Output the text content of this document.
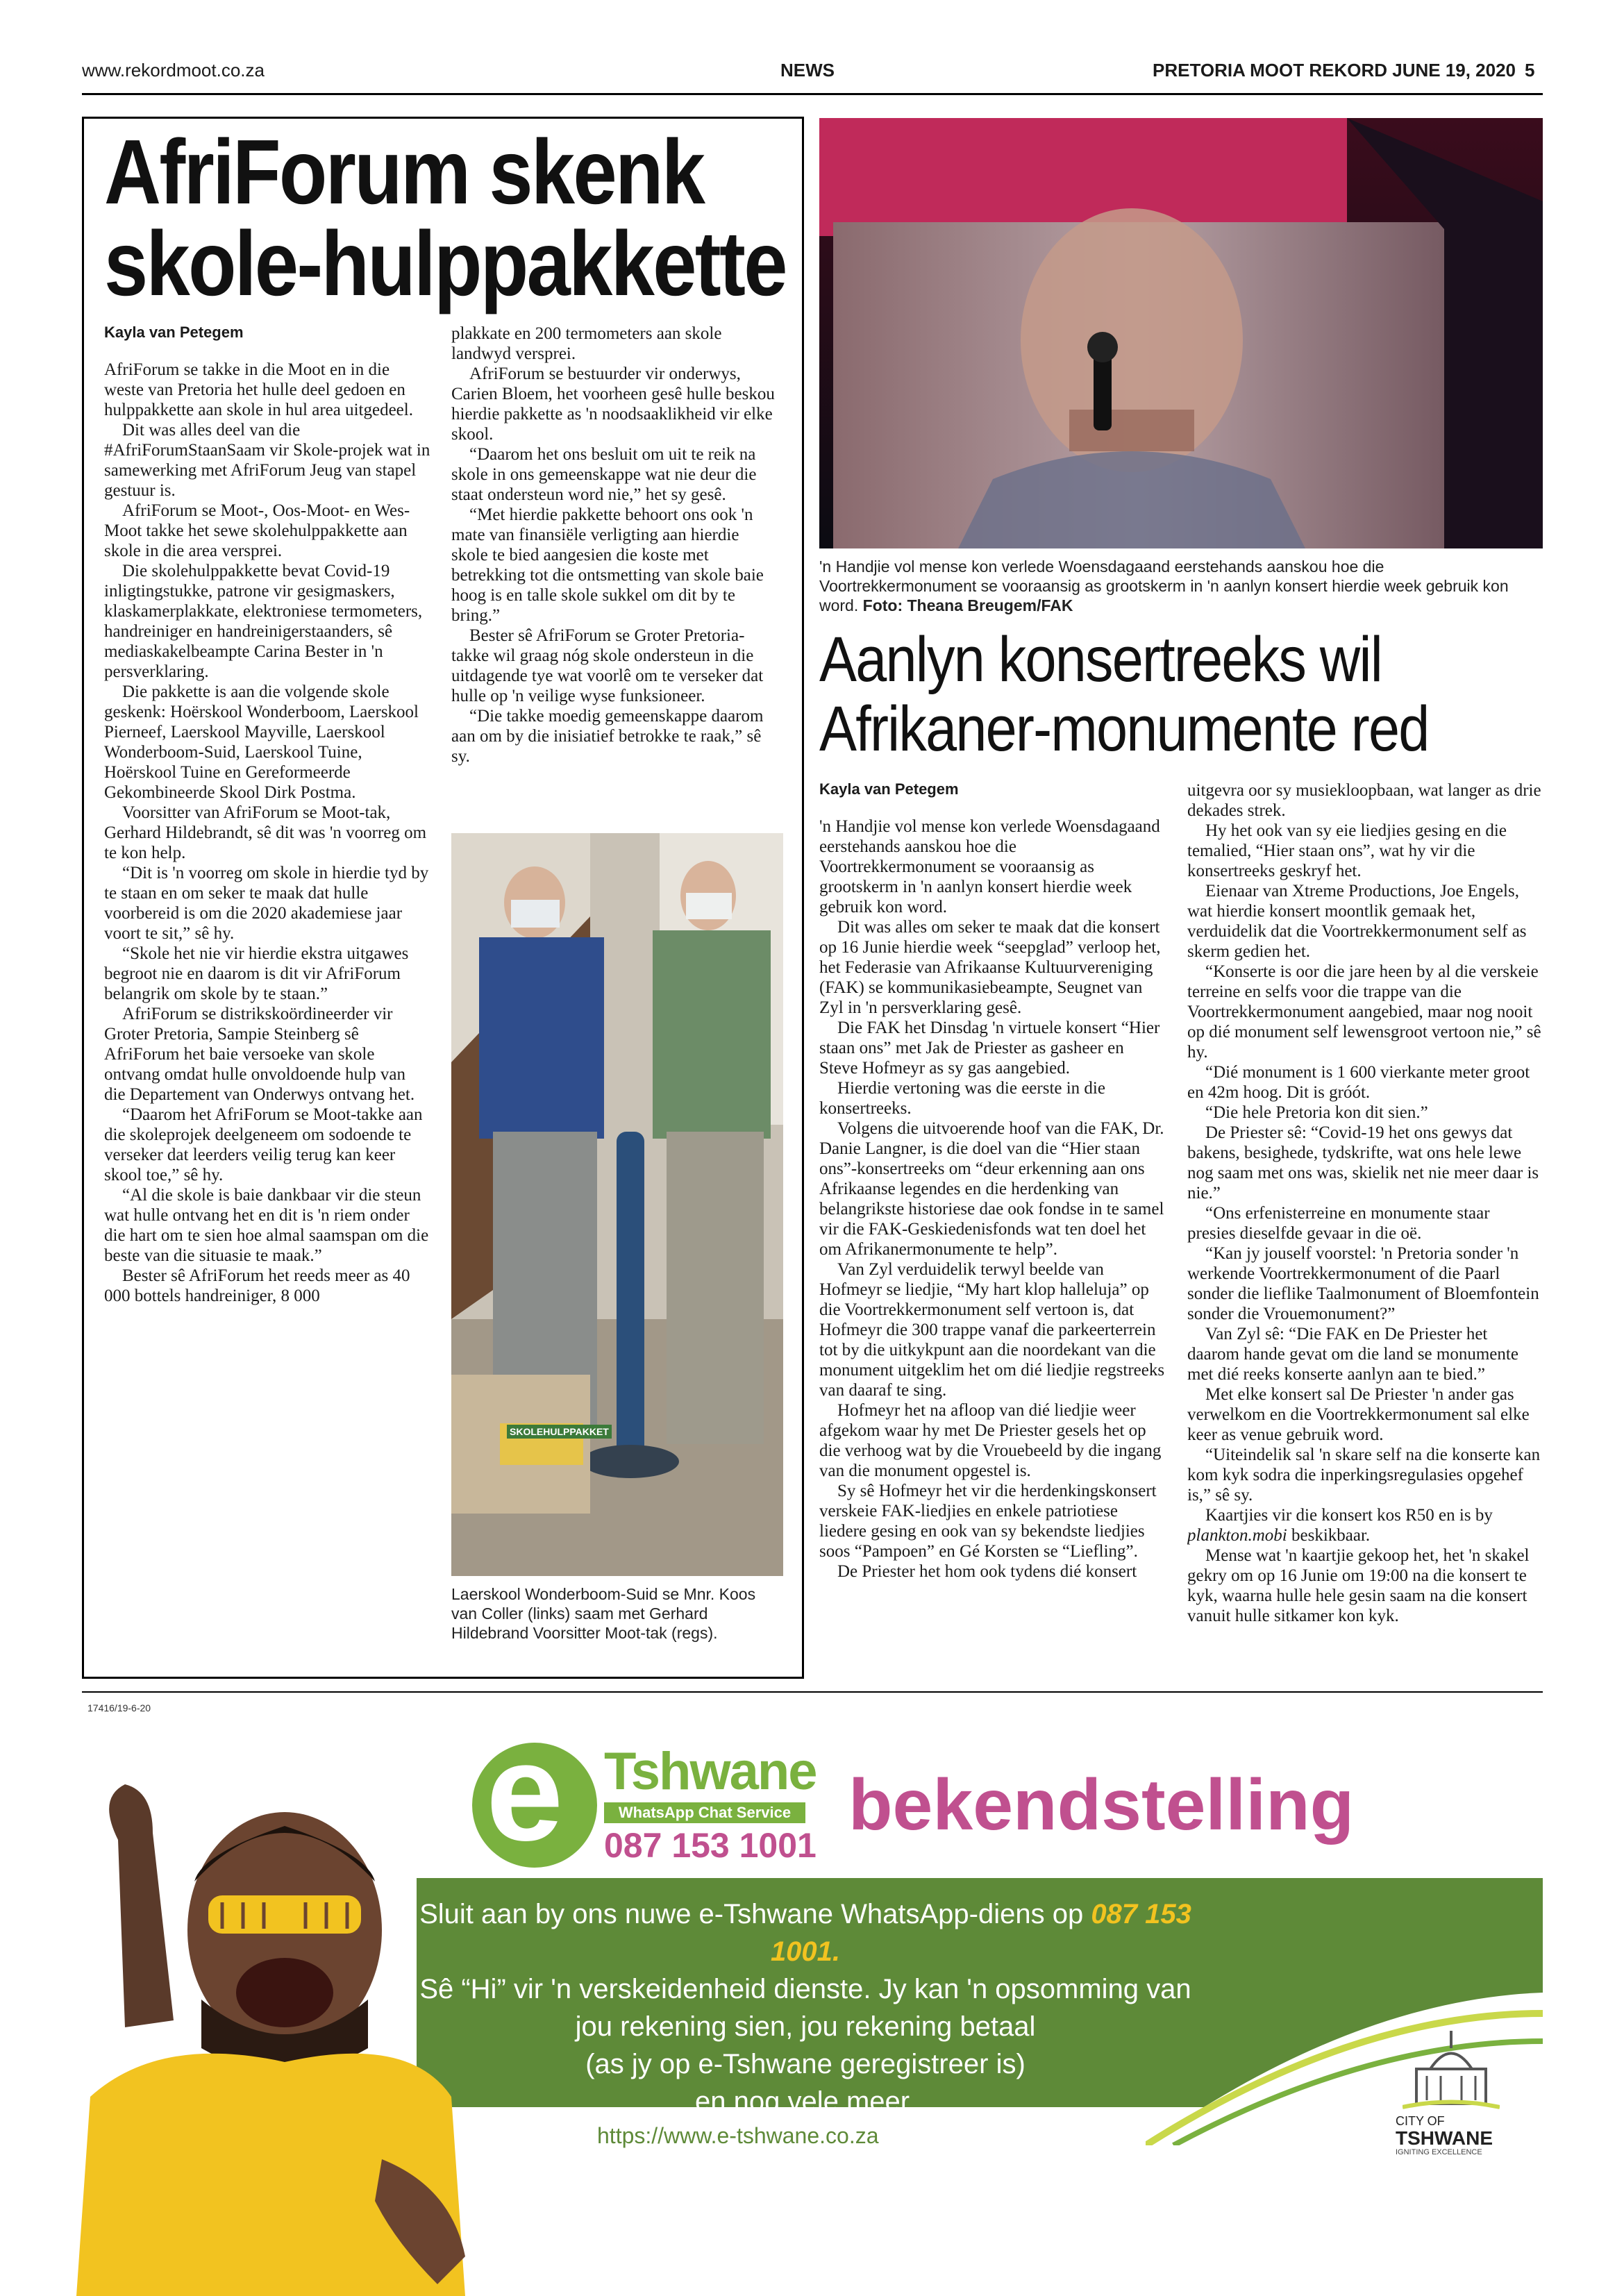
www.rekordmoot.co.za	NEWS	PRETORIA MOOT REKORD JUNE 19, 2020 5
AfriForum skenk
skole-hulppakkette
Kayla van Petegem

AfriForum se takke in die Moot en in die weste van Pretoria het hulle deel gedoen en hulppakkette aan skole in hul area uitgedeel.

Dit was alles deel van die #AfriForumStaanSaam vir Skole-projek wat in samewerking met AfriForum Jeug van stapel gestuur is.

AfriForum se Moot-, Oos-Moot- en Wes-Moot takke het sewe skolehulppakkette aan skole in die area versprei.

Die skolehulppakkette bevat Covid-19 inligtingstukke, patrone vir gesigmaskers, klaskamerplakkate, elektroniese termometers, handreiniger en handreinigerstaanders, sê mediaskakelbeampte Carina Bester in 'n persverklaring.

Die pakkette is aan die volgende skole geskenk: Hoërskool Wonderboom, Laerskool Pierneef, Laerskool Mayville, Laerskool Wonderboom-Suid, Laerskool Tuine, Hoërskool Tuine en Gereformeerde Gekombineerde Skool Dirk Postma.

Voorsitter van AfriForum se Moot-tak, Gerhard Hildebrandt, sê dit was 'n voorreg om te kon help.

“Dit is 'n voorreg om skole in hierdie tyd by te staan en om seker te maak dat hulle voorbereid is om die 2020 akademiese jaar voort te sit,” sê hy.

“Skole het nie vir hierdie ekstra uitgawes begroot nie en daarom is dit vir AfriForum belangrik om skole by te staan.”

AfriForum se distrikskoördineerder vir Groter Pretoria, Sampie Steinberg sê AfriForum het baie versoeke van skole ontvang omdat hulle onvoldoende hulp van die Departement van Onderwys ontvang het.

“Daarom het AfriForum se Moot-takke aan die skoleprojek deelgeneem om sodoende te verseker dat leerders veilig terug kan keer skool toe,” sê hy.

“Al die skole is baie dankbaar vir die steun wat hulle ontvang het en dit is 'n riem onder die hart om te sien hoe almal saamspan om die beste van die situasie te maak.”

Bester sê AfriForum het reeds meer as 40 000 bottels handreiniger, 8 000

plakkate en 200 termometers aan skole landwyd versprei.

AfriForum se bestuurder vir onderwys, Carien Bloem, het voorheen gesê hulle beskou hierdie pakkette as 'n noodsaaklikheid vir elke skool.

“Daarom het ons besluit om uit te reik na skole in ons gemeenskappe wat nie deur die staat ondersteun word nie,” het sy gesê.

“Met hierdie pakkette behoort ons ook 'n mate van finansiële verligting aan hierdie skole te bied aangesien die koste met betrekking tot die ontsmetting van skole baie hoog is en talle skole sukkel om dit by te bring.”

Bester sê AfriForum se Groter Pretoria-takke wil graag nóg skole ondersteun in die uitdagende tye wat voorlê om te verseker dat hulle op 'n veilige wyse funksioneer.

“Die takke moedig gemeenskappe daarom aan om by die inisiatief betrokke te raak,” sê sy.

SKOLEHULPPAKKET
Laerskool Wonderboom-Suid se Mnr. Koos van Coller (links) saam met Gerhard Hildebrand Voorsitter Moot-tak (regs).
'n Handjie vol mense kon verlede Woensdagaand eerstehands aanskou hoe die Voortrekkermonument se vooraansig as grootskerm in 'n aanlyn konsert hierdie week gebruik kon word. Foto: Theana Breugem/FAK
Aanlyn konsertreeks wil
Afrikaner-monumente red
Kayla van Petegem

'n Handjie vol mense kon verlede Woensdagaand eerstehands aanskou hoe die Voortrekkermonument se vooraansig as grootskerm in 'n aanlyn konsert hierdie week gebruik kon word.

Dit was alles om seker te maak dat die konsert op 16 Junie hierdie week “seepglad” verloop het, het Federasie van Afrikaanse Kultuurvereniging (FAK) se kommunikasiebeampte, Seugnet van Zyl in 'n persverklaring gesê.

Die FAK het Dinsdag 'n virtuele konsert “Hier staan ons” met Jak de Priester as gasheer en Steve Hofmeyr as sy gas aangebied.

Hierdie vertoning was die eerste in die konsertreeks.

Volgens die uitvoerende hoof van die FAK, Dr. Danie Langner, is die doel van die “Hier staan ons”-konsertreeks om “deur erkenning aan ons Afrikaanse legendes en die herdenking van belangrikste historiese dae ook fondse in te samel vir die FAK-Geskiedenisfonds wat ten doel het om Afrikanermonumente te help”.

Van Zyl verduidelik terwyl beelde van Hofmeyr se liedjie, “My hart klop halleluja” op die Voortrekkermonument self vertoon is, dat Hofmeyr die 300 trappe vanaf die parkeerterrein tot by die uitkykpunt aan die noordekant van die monument uitgeklim het om dié liedjie regstreeks van daaraf te sing.

Hofmeyr het na afloop van dié liedjie weer afgekom waar hy met De Priester gesels het op die verhoog wat by die Vrouebeeld by die ingang van die monument opgestel is.

Sy sê Hofmeyr het vir die herdenkingskonsert verskeie FAK-liedjies en enkele patriotiese liedere gesing en ook van sy bekendste liedjies soos “Pampoen” en Gé Korsten se “Liefling”.

De Priester het hom ook tydens dié konsert

uitgevra oor sy musiekloopbaan, wat langer as drie dekades strek.

Hy het ook van sy eie liedjies gesing en die temalied, “Hier staan ons”, wat hy vir die konsertreeks geskryf het.

Eienaar van Xtreme Productions, Joe Engels, wat hierdie konsert moontlik gemaak het, verduidelik dat die Voortrekkermonument self as skerm gedien het.

“Konserte is oor die jare heen by al die verskeie terreine en selfs voor die trappe van die Voortrekkermonument aangebied, maar nog nooit op dié monument self lewensgroot vertoon nie,” sê hy.

“Dié monument is 1 600 vierkante meter groot en 42m hoog. Dit is gróót.

“Die hele Pretoria kon dit sien.”

De Priester sê: “Covid-19 het ons gewys dat bakens, besighede, tydskrifte, wat ons hele lewe nog saam met ons was, skielik net nie meer daar is nie.”

“Ons erfenisterreine en monumente staar presies dieselfde gevaar in die oë.

“Kan jy jouself voorstel: 'n Pretoria sonder 'n werkende Voortrekkermonument of die Paarl sonder die lieflike Taalmonument of Bloemfontein sonder die Vrouemonument?”

Van Zyl sê: “Die FAK en De Priester het daarom hande gevat om die land se monumente met dié reeks konserte aanlyn aan te bied.”

Met elke konsert sal De Priester 'n ander gas verwelkom en die Voortrekkermonument sal elke keer as venue gebruik word.

“Uiteindelik sal 'n skare self na die konserte kan kom kyk sodra die inperkingsregulasies opgehef is,” sê sy.

Kaartjies vir die konsert kos R50 en is by plankton.mobi beskikbaar.

Mense wat 'n kaartjie gekoop het, het 'n skakel gekry om op 16 Junie om 19:00 na die konsert te kyk, waarna hulle hele gesin saam na die konsert vanuit hulle sitkamer kon kyk.

17416/19-6-20
e Tshwane
WhatsApp Chat Service
087 153 1001 bekendstelling
Sluit aan by ons nuwe e-Tshwane WhatsApp-diens op 087 153 1001.
Sê “Hi” vir 'n verskeidenheid dienste. Jy kan 'n opsomming van
jou rekening sien, jou rekening betaal
(as jy op e-Tshwane geregistreer is)
en nog vele meer.
https://www.e-tshwane.co.za
CITY OF
TSHWANE
IGNITING EXCELLENCE
